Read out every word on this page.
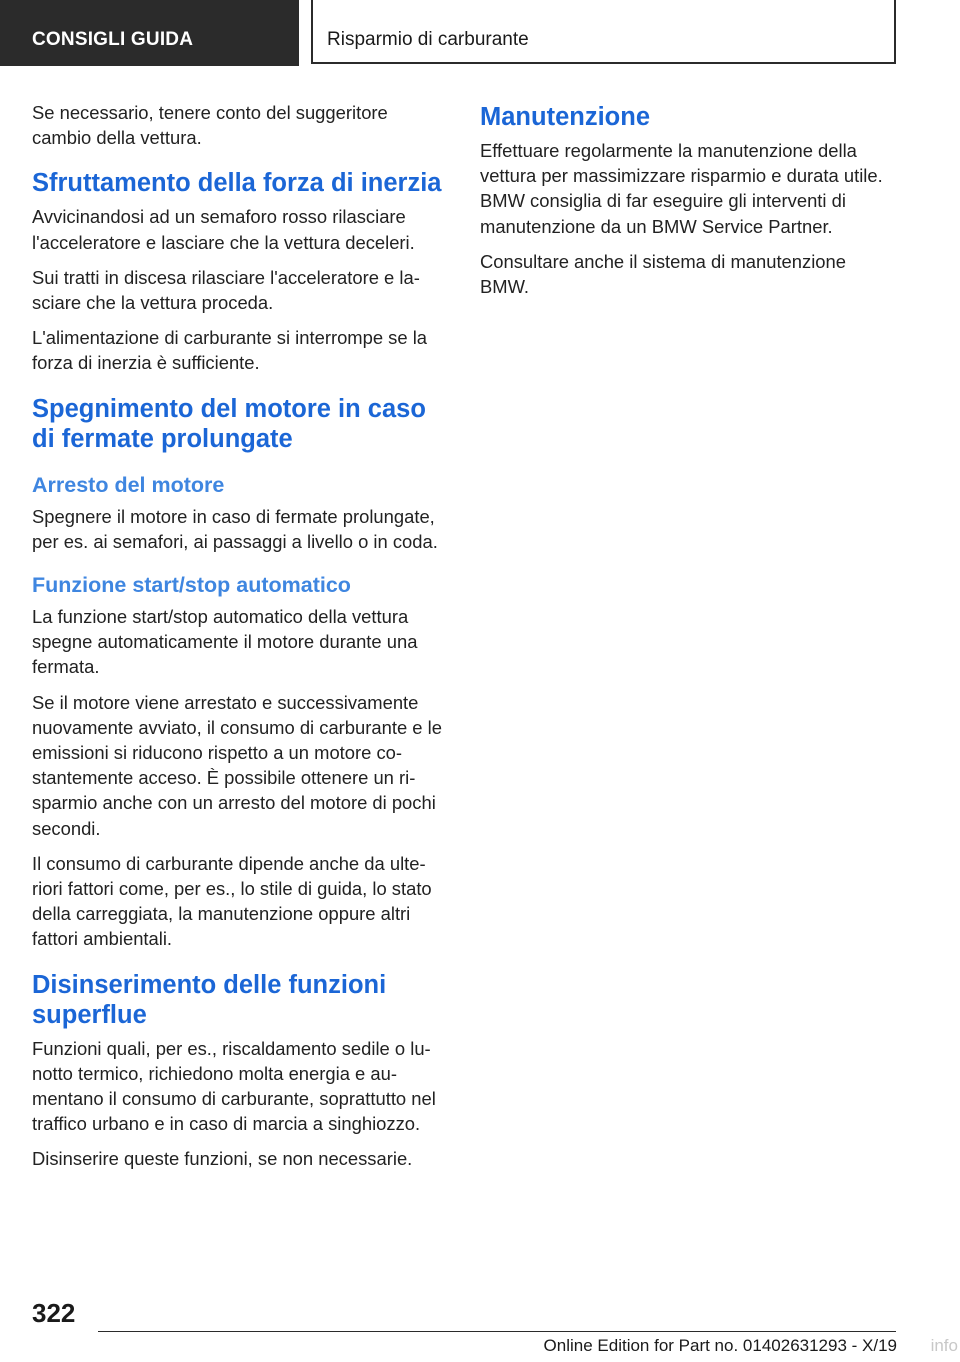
CONSIGLI GUIDA	Risparmio di carburante

Se necessario, tenere conto del suggeritore cambio della vettura.

Sfruttamento della forza di inerzia

Avvicinandosi ad un semaforo rosso rilasciare l'acceleratore e lasciare che la vettura deceleri.

Sui tratti in discesa rilasciare l'acceleratore e lasciare che la vettura proceda.

L'alimentazione di carburante si interrompe se la forza di inerzia è sufficiente.

Spegnimento del motore in caso di fermate prolungate
Arresto del motore

Spegnere il motore in caso di fermate prolungate, per es. ai semafori, ai passaggi a livello o in coda.

Funzione start/stop automatico

La funzione start/stop automatico della vettura spegne automaticamente il motore durante una fermata.

Se il motore viene arrestato e successivamente nuovamente avviato, il consumo di carburante e le emissioni si riducono rispetto a un motore costantemente acceso. È possibile ottenere un risparmio anche con un arresto del motore di pochi secondi.

Il consumo di carburante dipende anche da ulteriori fattori come, per es., lo stile di guida, lo stato della carreggiata, la manutenzione oppure altri fattori ambientali.

Disinserimento delle funzioni superflue

Funzioni quali, per es., riscaldamento sedile o lunotto termico, richiedono molta energia e aumentano il consumo di carburante, soprattutto nel traffico urbano e in caso di marcia a singhiozzo.

Disinserire queste funzioni, se non necessarie.

Manutenzione

Effettuare regolarmente la manutenzione della vettura per massimizzare risparmio e durata utile. BMW consiglia di far eseguire gli interventi di manutenzione da un BMW Service Partner.

Consultare anche il sistema di manutenzione BMW.

322
Online Edition for Part no. 01402631293 - X/19 info
